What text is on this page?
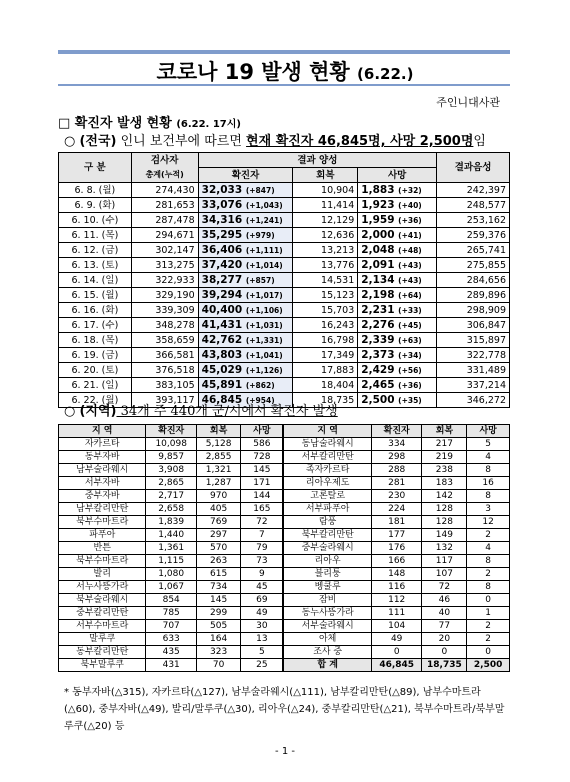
코로나 19 발생 현황 (6.22.)
주인니대사관
□ 확진자 발생 현황 (6.22. 17시)
○ (전국) 인니 보건부에 따르면 현재 확진자 46,845명, 사망 2,500명임
구 분	검사자	결과 양성			결과음성
	총계(누적)	확진자	회복	사망	
6. 8. (월)	274,430	32,033 (+847)	10,904	1,883 (+32)	242,397
6. 9. (화)	281,653	33,076 (+1,043)	11,414	1,923 (+40)	248,577
6. 10. (수)	287,478	34,316 (+1,241)	12,129	1,959 (+36)	253,162
6. 11. (목)	294,671	35,295 (+979)	12,636	2,000 (+41)	259,376
6. 12. (금)	302,147	36,406 (+1,111)	13,213	2,048 (+48)	265,741
6. 13. (토)	313,275	37,420 (+1,014)	13,776	2,091 (+43)	275,855
6. 14. (일)	322,933	38,277 (+857)	14,531	2,134 (+43)	284,656
6. 15. (월)	329,190	39,294 (+1,017)	15,123	2,198 (+64)	289,896
6. 16. (화)	339,309	40,400 (+1,106)	15,703	2,231 (+33)	298,909
6. 17. (수)	348,278	41,431 (+1,031)	16,243	2,276 (+45)	306,847
6. 18. (목)	358,659	42,762 (+1,331)	16,798	2,339 (+63)	315,897
6. 19. (금)	366,581	43,803 (+1,041)	17,349	2,373 (+34)	322,778
6. 20. (토)	376,518	45,029 (+1,126)	17,883	2,429 (+56)	331,489
6. 21. (일)	383,105	45,891 (+862)	18,404	2,465 (+36)	337,214
6. 22. (월)	393,117	46,845 (+954)	18,735	2,500 (+35)	346,272
○ (지역) 34개 주 440개 군/시에서 확진자 발생
지 역	확진자	회복	사망	지 역	확진자	회복	사망
자카르타	10,098	5,128	586	동남술라웨시	334	217	5
동부자바	9,857	2,855	728	서부칼리만탄	298	219	4
남부술라웨시	3,908	1,321	145	족자카르타	288	238	8
서부자바	2,865	1,287	171	리아우제도	281	183	16
중부자바	2,717	970	144	고론탈로	230	142	8
남부칼리만탄	2,658	405	165	서부파푸아	224	128	3
북부수마트라	1,839	769	72	람풍	181	128	12
파푸아	1,440	297	7	북부칼리만탄	177	149	2
반튼	1,361	570	79	중부술라웨시	176	132	4
북부수마트라	1,115	263	73	리아우	166	117	8
발리	1,080	615	9	블리퉁	148	107	2
서누사뜽가라	1,067	734	45	벵쿨루	116	72	8
북부술라웨시	854	145	69	잠비	112	46	0
중부칼리만탄	785	299	49	동누사뜽가라	111	40	1
서부수마트라	707	505	30	서부술라웨시	104	77	2
말루쿠	633	164	13	아체	49	20	2
동부칼리만탄	435	323	5	조사 중	0	0	0
북부말루쿠	431	70	25	합 계	46,845	18,735	2,500
* 동부자바(△315), 자카르타(△127), 남부술라웨시(△111), 남부칼리만탄(△89), 남부수마트라(△60), 중부자바(△49), 발리/말루쿠(△30), 리아우(△24), 중부칼리만탄(△21), 북부수마트라/북부말루쿠(△20) 등
- 1 -
